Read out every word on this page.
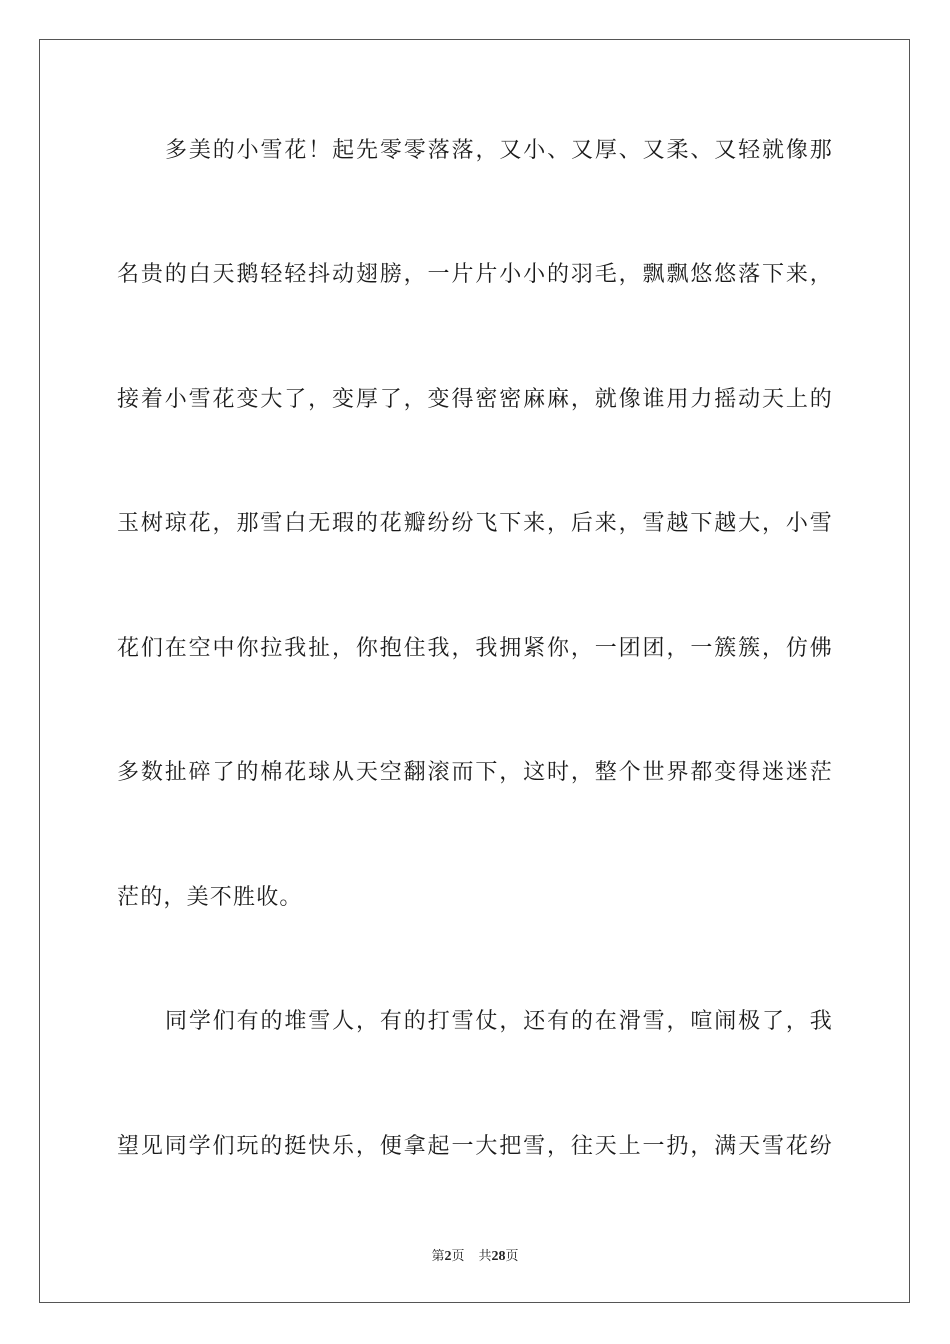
多美的小雪花！起先零零落落，又小、又厚、又柔、又轻就像那
名贵的白天鹅轻轻抖动翅膀，一片片小小的羽毛，飘飘悠悠落下来，
接着小雪花变大了，变厚了，变得密密麻麻，就像谁用力摇动天上的
玉树琼花，那雪白无瑕的花瓣纷纷飞下来，后来，雪越下越大，小雪
花们在空中你拉我扯，你抱住我，我拥紧你，一团团，一簇簇，仿佛
多数扯碎了的棉花球从天空翻滚而下，这时，整个世界都变得迷迷茫
茫的，美不胜收。
同学们有的堆雪人，有的打雪仗，还有的在滑雪，喧闹极了，我
望见同学们玩的挺快乐，便拿起一大把雪，往天上一扔，满天雪花纷
第2页 共28页
